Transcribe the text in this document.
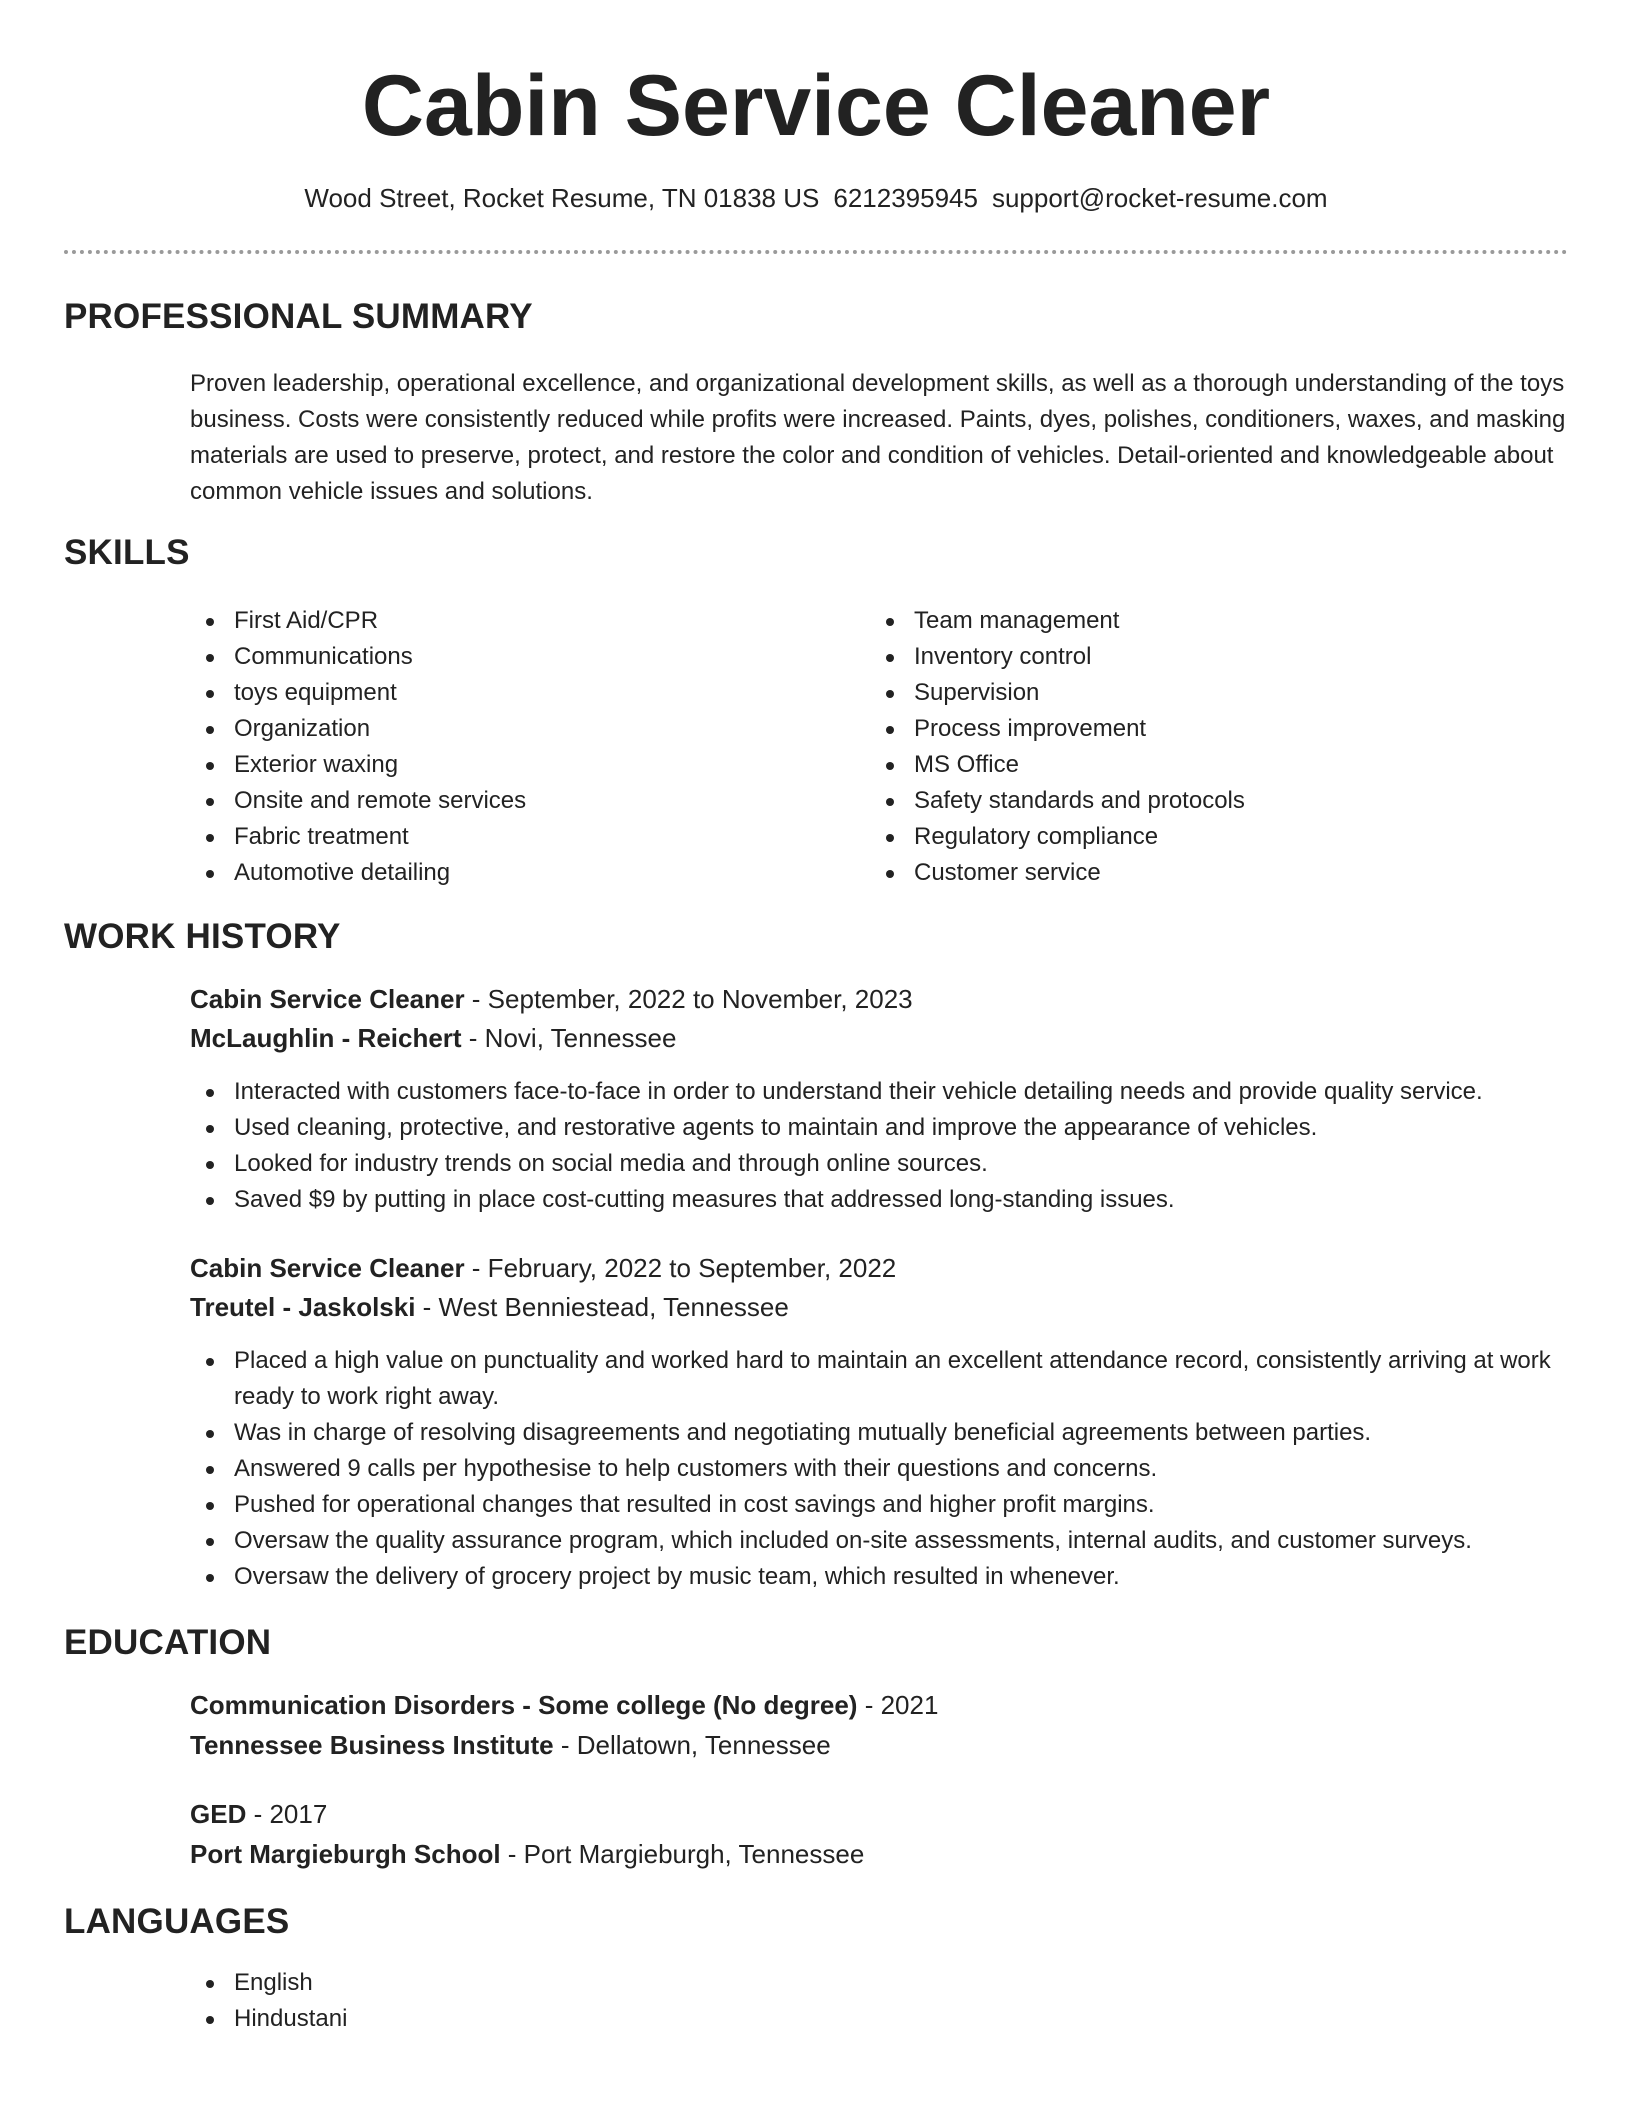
Cabin Service Cleaner
Wood Street, Rocket Resume, TN 01838 US 6212395945 support@rocket-resume.com
PROFESSIONAL SUMMARY
Proven leadership, operational excellence, and organizational development skills, as well as a thorough understanding of the toys business. Costs were consistently reduced while profits were increased. Paints, dyes, polishes, conditioners, waxes, and masking materials are used to preserve, protect, and restore the color and condition of vehicles. Detail-oriented and knowledgeable about common vehicle issues and solutions.
SKILLS
First Aid/CPR
Communications
toys equipment
Organization
Exterior waxing
Onsite and remote services
Fabric treatment
Automotive detailing
Team management
Inventory control
Supervision
Process improvement
MS Office
Safety standards and protocols
Regulatory compliance
Customer service
WORK HISTORY
Cabin Service Cleaner - September, 2022 to November, 2023
McLaughlin - Reichert - Novi, Tennessee
Interacted with customers face-to-face in order to understand their vehicle detailing needs and provide quality service.
Used cleaning, protective, and restorative agents to maintain and improve the appearance of vehicles.
Looked for industry trends on social media and through online sources.
Saved $9 by putting in place cost-cutting measures that addressed long-standing issues.
Cabin Service Cleaner - February, 2022 to September, 2022
Treutel - Jaskolski - West Benniestead, Tennessee
Placed a high value on punctuality and worked hard to maintain an excellent attendance record, consistently arriving at work ready to work right away.
Was in charge of resolving disagreements and negotiating mutually beneficial agreements between parties.
Answered 9 calls per hypothesise to help customers with their questions and concerns.
Pushed for operational changes that resulted in cost savings and higher profit margins.
Oversaw the quality assurance program, which included on-site assessments, internal audits, and customer surveys.
Oversaw the delivery of grocery project by music team, which resulted in whenever.
EDUCATION
Communication Disorders - Some college (No degree) - 2021
Tennessee Business Institute - Dellatown, Tennessee
GED - 2017
Port Margieburgh School - Port Margieburgh, Tennessee
LANGUAGES
English
Hindustani
